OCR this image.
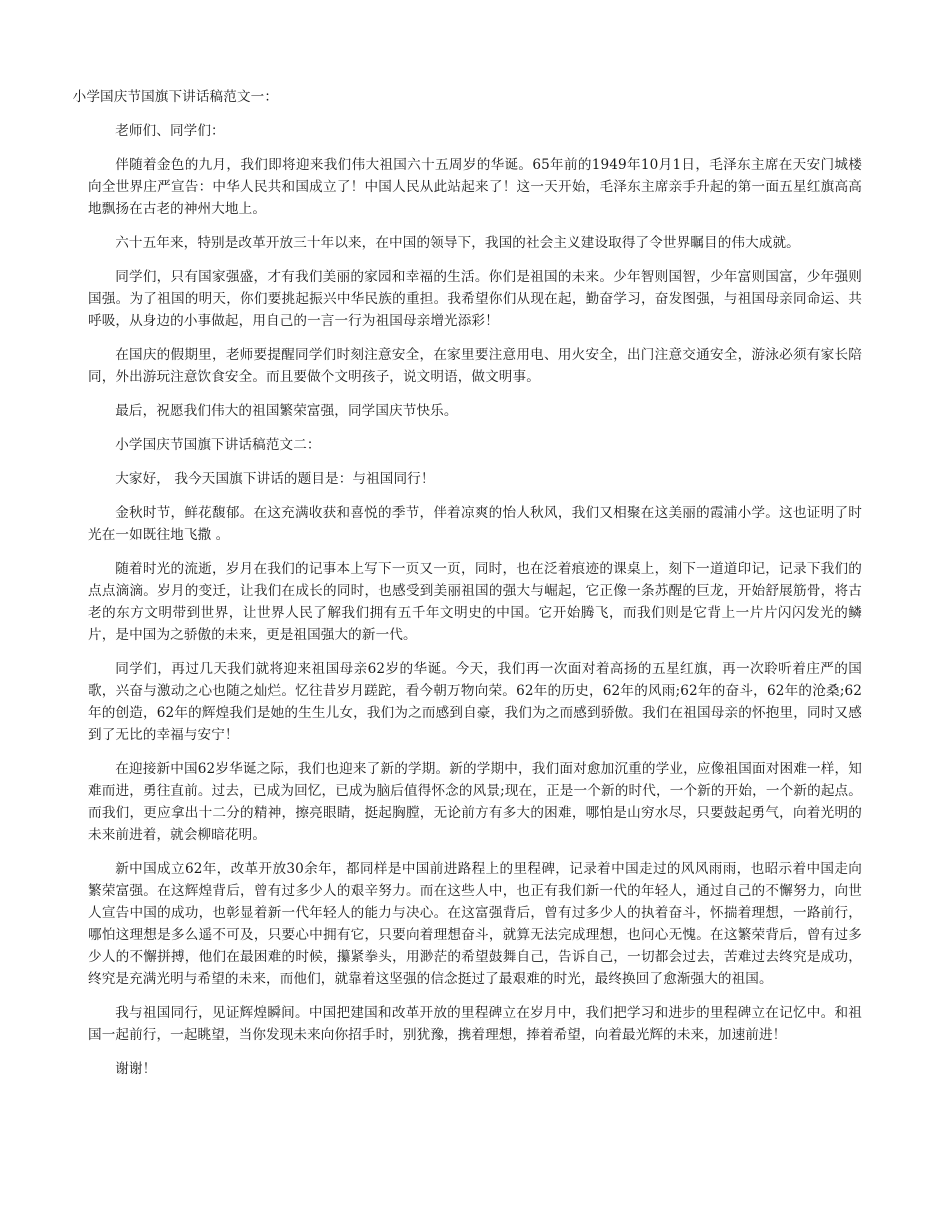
小学国庆节国旗下讲话稿范文一：

老师们、同学们：

伴随着金色的九月，我们即将迎来我们伟大祖国六十五周岁的华诞。65年前的1949年10月1日，毛泽东主席在天安门城楼向全世界庄严宣告：中华人民共和国成立了！中国人民从此站起来了！这一天开始，毛泽东主席亲手升起的第一面五星红旗高高地飘扬在古老的神州大地上。

六十五年来，特别是改革开放三十年以来，在中国的领导下，我国的社会主义建设取得了令世界瞩目的伟大成就。

同学们，只有国家强盛，才有我们美丽的家园和幸福的生活。你们是祖国的未来。少年智则国智，少年富则国富，少年强则国强。为了祖国的明天，你们要挑起振兴中华民族的重担。我希望你们从现在起，勤奋学习，奋发图强，与祖国母亲同命运、共呼吸，从身边的小事做起，用自己的一言一行为祖国母亲增光添彩！

在国庆的假期里，老师要提醒同学们时刻注意安全，在家里要注意用电、用火安全，出门注意交通安全，游泳必须有家长陪同，外出游玩注意饮食安全。而且要做个文明孩子，说文明语，做文明事。

最后，祝愿我们伟大的祖国繁荣富强，同学国庆节快乐。

小学国庆节国旗下讲话稿范文二：

大家好， 我今天国旗下讲话的题目是：与祖国同行！

金秋时节，鲜花馥郁。在这充满收获和喜悦的季节，伴着凉爽的怡人秋风，我们又相聚在这美丽的霞浦小学。这也证明了时光在一如既往地飞撒 。

随着时光的流逝，岁月在我们的记事本上写下一页又一页，同时，也在泛着痕迹的课桌上，刻下一道道印记，记录下我们的点点滴滴。岁月的变迁，让我们在成长的同时，也感受到美丽祖国的强大与崛起，它正像一条苏醒的巨龙，开始舒展筋骨，将古老的东方文明带到世界，让世界人民了解我们拥有五千年文明史的中国。它开始腾飞，而我们则是它背上一片片闪闪发光的鳞片，是中国为之骄傲的未来，更是祖国强大的新一代。

同学们，再过几天我们就将迎来祖国母亲62岁的华诞。今天，我们再一次面对着高扬的五星红旗，再一次聆听着庄严的国歌，兴奋与激动之心也随之灿烂。忆往昔岁月蹉跎，看今朝万物向荣。62年的历史，62年的风雨;62年的奋斗，62年的沧桑;62年的创造，62年的辉煌我们是她的生生儿女，我们为之而感到自豪，我们为之而感到骄傲。我们在祖国母亲的怀抱里，同时又感到了无比的幸福与安宁！

在迎接新中国62岁华诞之际，我们也迎来了新的学期。新的学期中，我们面对愈加沉重的学业，应像祖国面对困难一样，知难而进，勇往直前。过去，已成为回忆，已成为脑后值得怀念的风景;现在，正是一个新的时代，一个新的开始，一个新的起点。而我们，更应拿出十二分的精神，擦亮眼睛，挺起胸膛，无论前方有多大的困难，哪怕是山穷水尽，只要鼓起勇气，向着光明的未来前进着，就会柳暗花明。

新中国成立62年，改革开放30余年，都同样是中国前进路程上的里程碑，记录着中国走过的风风雨雨，也昭示着中国走向繁荣富强。在这辉煌背后，曾有过多少人的艰辛努力。而在这些人中，也正有我们新一代的年轻人，通过自己的不懈努力，向世人宣告中国的成功，也彰显着新一代年轻人的能力与决心。在这富强背后，曾有过多少人的执着奋斗，怀揣着理想，一路前行，哪怕这理想是多么遥不可及，只要心中拥有它，只要向着理想奋斗，就算无法完成理想，也问心无愧。在这繁荣背后，曾有过多少人的不懈拼搏，他们在最困难的时候，攥紧拳头，用渺茫的希望鼓舞自己，告诉自己，一切都会过去，苦难过去终究是成功，终究是充满光明与希望的未来，而他们，就靠着这坚强的信念挺过了最艰难的时光，最终换回了愈渐强大的祖国。

我与祖国同行，见证辉煌瞬间。中国把建国和改革开放的里程碑立在岁月中，我们把学习和进步的里程碑立在记忆中。和祖国一起前行，一起眺望，当你发现未来向你招手时，别犹豫，携着理想，捧着希望，向着最光辉的未来，加速前进！

谢谢！
